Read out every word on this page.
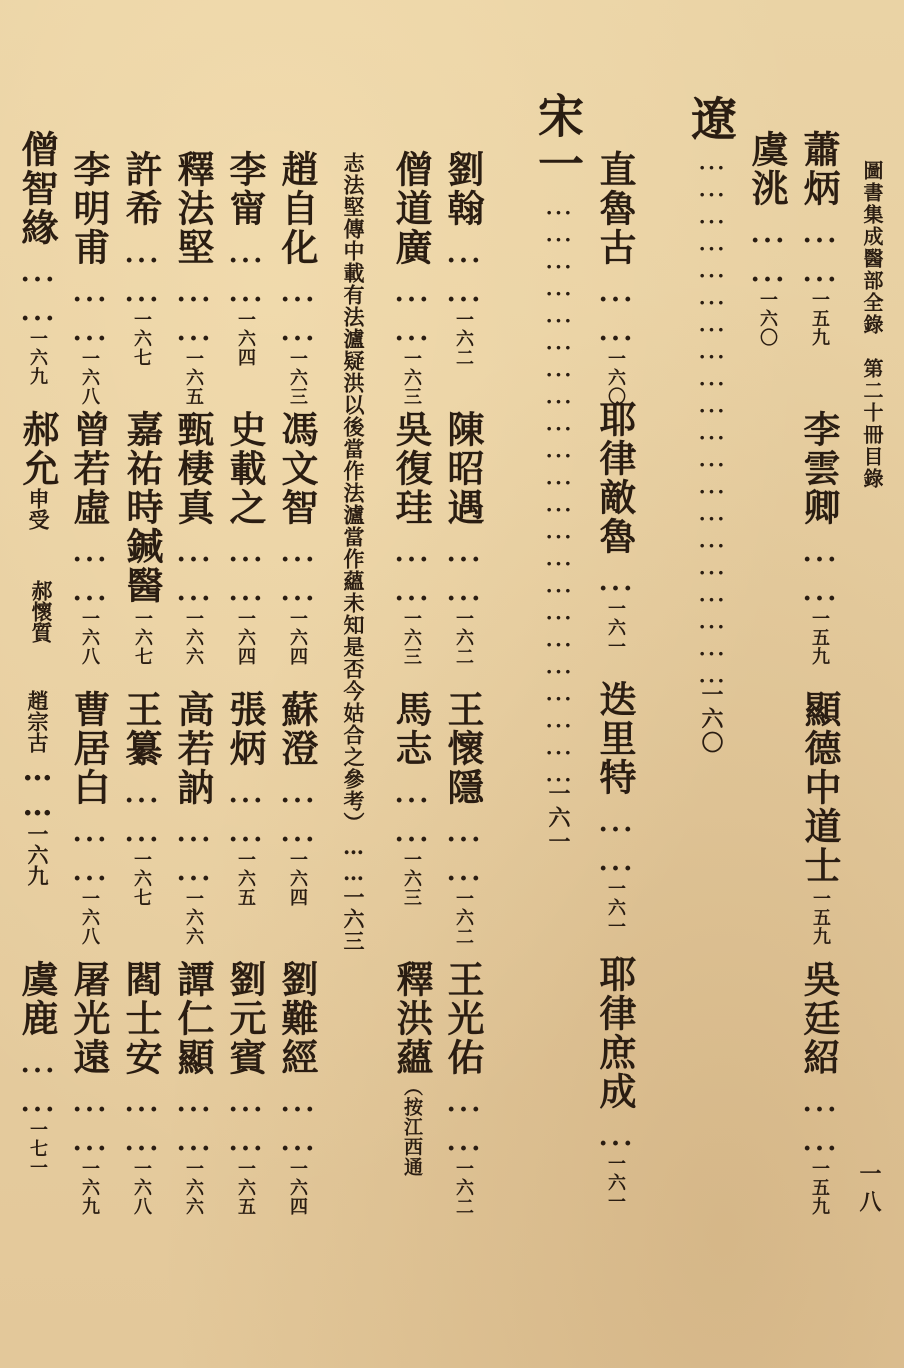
圖書集成醫部全錄　第二十冊目錄
一八
蕭炳……一五九
李雲卿……一五九
顯德中道士一五九
吳廷紹……一五九
虞洮……一六〇
遼……………………………………………………一六〇
直魯古……一六〇
耶律敵魯…一六一
迭里特……一六一
耶律庶成…一六一
宋一…………………………………………………………一六一
劉翰……一六二
陳昭遇……一六二
王懷隱……一六二
王光佑……一六二
僧道廣……一六三
吳復珪……一六三
馬志……一六三
釋洪蘊（按江西通
志法堅傳中載有法瀘疑洪以後當作法瀘當作蘊未知是否今姑合之參考）……一六三
趙自化……一六三
馮文智……一六四
蘇澄……一六四
劉難經……一六四
李甯……一六四
史載之……一六四
張炳……一六五
劉元賓……一六五
釋法堅……一六五
甄棲真……一六六
高若訥……一六六
譚仁顯……一六六
許希……一六七
嘉祐時鍼醫一六七
王纂……一六七
閻士安……一六八
李明甫……一六八
曾若虛……一六八
曹居白……一六八
屠光遠……一六九
僧智緣……一六九
郝允申受
郝懷質
趙宗古……一六九
虞鹿……一七一
